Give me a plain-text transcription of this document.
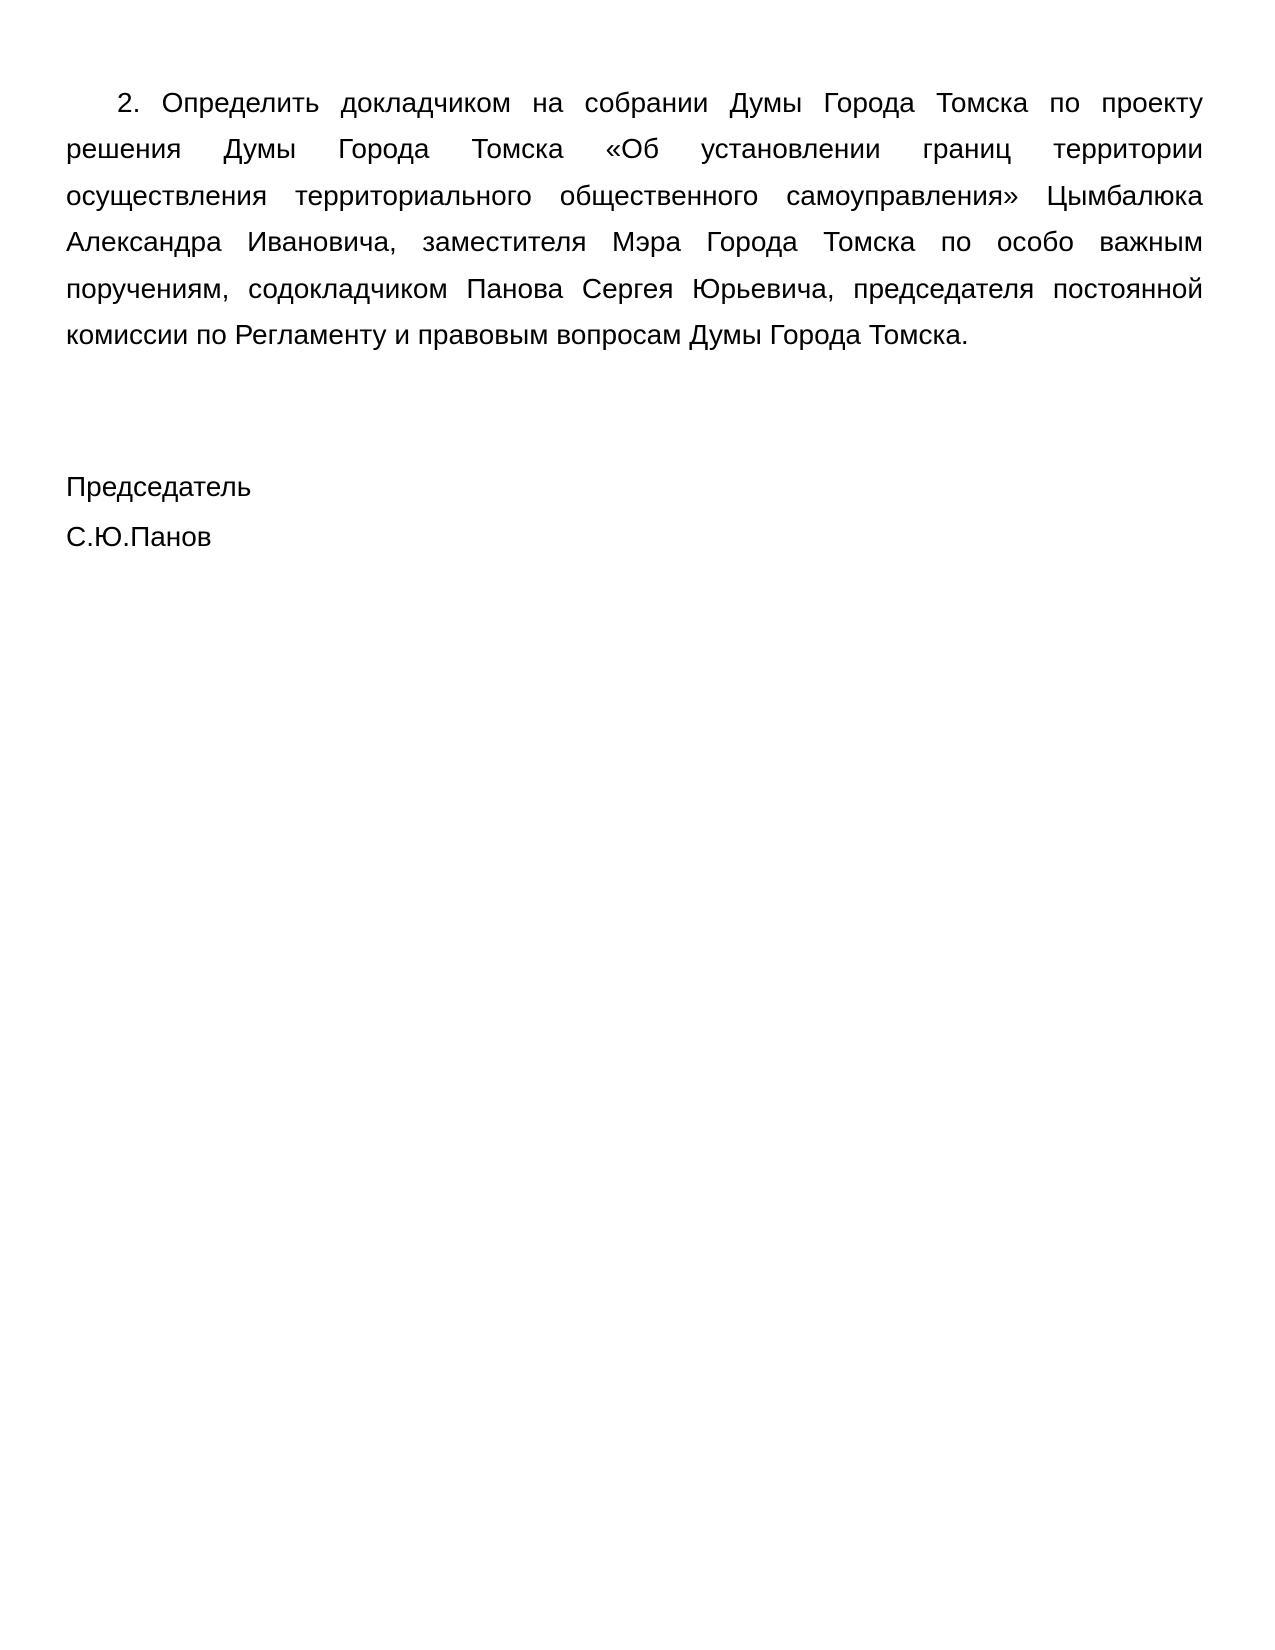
2. Определить докладчиком на собрании Думы Города Томска по проекту
решения Думы Города Томска «Об установлении границ территории
осуществления территориального общественного самоуправления» Цымбалюка
Александра Ивановича, заместителя Мэра Города Томска по особо важным
поручениям, содокладчиком Панова Сергея Юрьевича, председателя постоянной
комиссии по Регламенту и правовым вопросам Думы Города Томска.
Председатель
С.Ю.Панов
